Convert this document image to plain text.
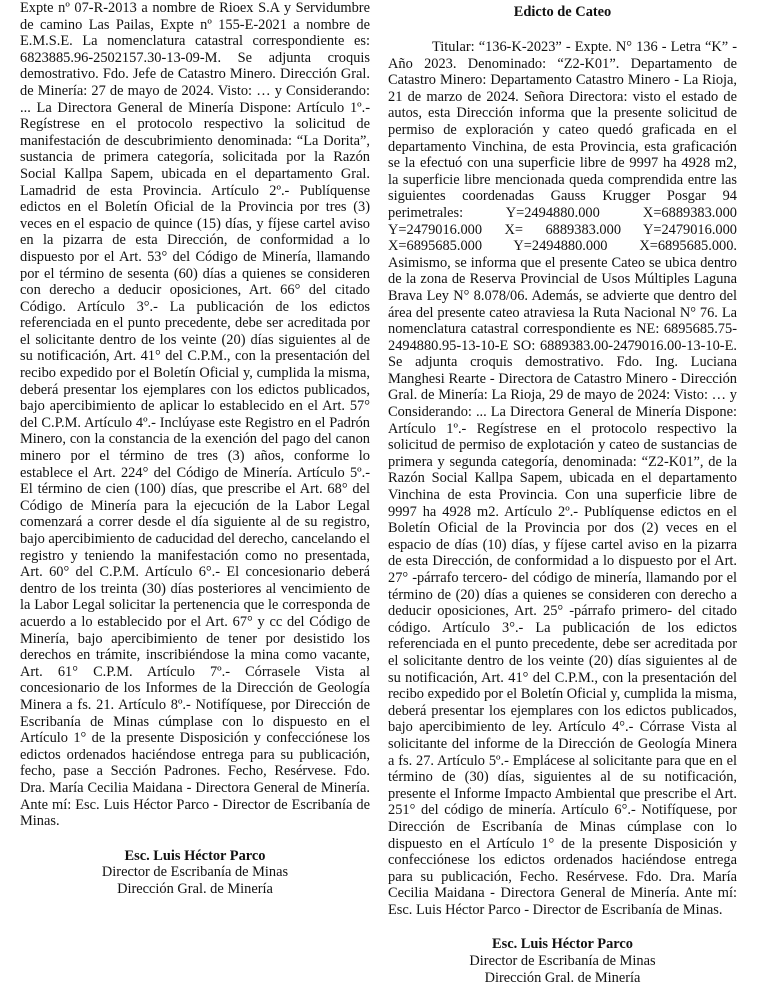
Expte nº 07-R-2013 a nombre de Rioex S.A y Servidumbre de camino Las Pailas, Expte nº 155-E-2021 a nombre de E.M.S.E. La nomenclatura catastral correspondiente es: 6823885.96-2502157.30-13-09-M. Se adjunta croquis demostrativo. Fdo. Jefe de Catastro Minero. Dirección Gral. de Minería: 27 de mayo de 2024. Visto: … y Considerando: ... La Directora General de Minería Dispone: Artículo 1º.- Regístrese en el protocolo respectivo la solicitud de manifestación de descubrimiento denominada: “La Dorita”, sustancia de primera categoría, solicitada por la Razón Social Kallpa Sapem, ubicada en el departamento Gral. Lamadrid de esta Provincia. Artículo 2º.- Publíquense edictos en el Boletín Oficial de la Provincia por tres (3) veces en el espacio de quince (15) días, y fíjese cartel aviso en la pizarra de esta Dirección, de conformidad a lo dispuesto por el Art. 53° del Código de Minería, llamando por el término de sesenta (60) días a quienes se consideren con derecho a deducir oposiciones, Art. 66° del citado Código. Artículo 3°.- La publicación de los edictos referenciada en el punto precedente, debe ser acreditada por el solicitante dentro de los veinte (20) días siguientes al de su notificación, Art. 41° del C.P.M., con la presentación del recibo expedido por el Boletín Oficial y, cumplida la misma, deberá presentar los ejemplares con los edictos publicados, bajo apercibimiento de aplicar lo establecido en el Art. 57° del C.P.M. Artículo 4º.- Inclúyase este Registro en el Padrón Minero, con la constancia de la exención del pago del canon minero por el término de tres (3) años, conforme lo establece el Art. 224° del Código de Minería. Artículo 5º.- El término de cien (100) días, que prescribe el Art. 68° del Código de Minería para la ejecución de la Labor Legal comenzará a correr desde el día siguiente al de su registro, bajo apercibimiento de caducidad del derecho, cancelando el registro y teniendo la manifestación como no presentada, Art. 60° del C.P.M. Artículo 6°.- El concesionario deberá dentro de los treinta (30) días posteriores al vencimiento de la Labor Legal solicitar la pertenencia que le corresponda de acuerdo a lo establecido por el Art. 67° y cc del Código de Minería, bajo apercibimiento de tener por desistido los derechos en trámite, inscribiéndose la mina como vacante, Art. 61° C.P.M. Artículo 7º.- Córrasele Vista al concesionario de los Informes de la Dirección de Geología Minera a fs. 21. Artículo 8º.- Notifíquese, por Dirección de Escribanía de Minas cúmplase con lo dispuesto en el Artículo 1° de la presente Disposición y confecciónese los edictos ordenados haciéndose entrega para su publicación, fecho, pase a Sección Padrones. Fecho, Resérvese. Fdo. Dra. María Cecilia Maidana - Directora General de Minería. Ante mí: Esc. Luis Héctor Parco - Director de Escribanía de Minas.

Esc. Luis Héctor Parco
Director de Escribanía de Minas
Dirección Gral. de Minería

Edicto de Cateo

Titular: “136-K-2023” - Expte. N° 136 - Letra “K” - Año 2023. Denominado: “Z2-K01”. Departamento de Catastro Minero: Departamento Catastro Minero - La Rioja, 21 de marzo de 2024. Señora Directora: visto el estado de autos, esta Dirección informa que la presente solicitud de permiso de exploración y cateo quedó graficada en el departamento Vinchina, de esta Provincia, esta graficación se la efectuó con una superficie libre de 9997 ha 4928 m2, la superficie libre mencionada queda comprendida entre las siguientes coordenadas Gauss Krugger Posgar 94 perimetrales: Y=2494880.000 X=6889383.000 Y=2479016.000 X= 6889383.000 Y=2479016.000 X=6895685.000 Y=2494880.000 X=6895685.000. Asimismo, se informa que el presente Cateo se ubica dentro de la zona de Reserva Provincial de Usos Múltiples Laguna Brava Ley N° 8.078/06. Además, se advierte que dentro del área del presente cateo atraviesa la Ruta Nacional N° 76. La nomenclatura catastral correspondiente es NE: 6895685.75-2494880.95-13-10-E SO: 6889383.00-2479016.00-13-10-E. Se adjunta croquis demostrativo. Fdo. Ing. Luciana Manghesi Rearte - Directora de Catastro Minero - Dirección Gral. de Minería: La Rioja, 29 de mayo de 2024: Visto: … y Considerando: ... La Directora General de Minería Dispone: Artículo 1º.- Regístrese en el protocolo respectivo la solicitud de permiso de explotación y cateo de sustancias de primera y segunda categoría, denominada: “Z2-K01”, de la Razón Social Kallpa Sapem, ubicada en el departamento Vinchina de esta Provincia. Con una superficie libre de 9997 ha 4928 m2. Artículo 2º.- Publíquense edictos en el Boletín Oficial de la Provincia por dos (2) veces en el espacio de días (10) días, y fíjese cartel aviso en la pizarra de esta Dirección, de conformidad a lo dispuesto por el Art. 27° -párrafo tercero- del código de minería, llamando por el término de (20) días a quienes se consideren con derecho a deducir oposiciones, Art. 25° -párrafo primero- del citado código. Artículo 3°.- La publicación de los edictos referenciada en el punto precedente, debe ser acreditada por el solicitante dentro de los veinte (20) días siguientes al de su notificación, Art. 41° del C.P.M., con la presentación del recibo expedido por el Boletín Oficial y, cumplida la misma, deberá presentar los ejemplares con los edictos publicados, bajo apercibimiento de ley. Artículo 4°.- Córrase Vista al solicitante del informe de la Dirección de Geología Minera a fs. 27. Artículo 5º.- Emplácese al solicitante para que en el término de (30) días, siguientes al de su notificación, presente el Informe Impacto Ambiental que prescribe el Art. 251° del código de minería. Artículo 6°.- Notifíquese, por Dirección de Escribanía de Minas cúmplase con lo dispuesto en el Artículo 1° de la presente Disposición y confecciónese los edictos ordenados haciéndose entrega para su publicación, Fecho. Resérvese. Fdo. Dra. María Cecilia Maidana - Directora General de Minería. Ante mí: Esc. Luis Héctor Parco - Director de Escribanía de Minas.

Esc. Luis Héctor Parco
Director de Escribanía de Minas
Dirección Gral. de Minería
